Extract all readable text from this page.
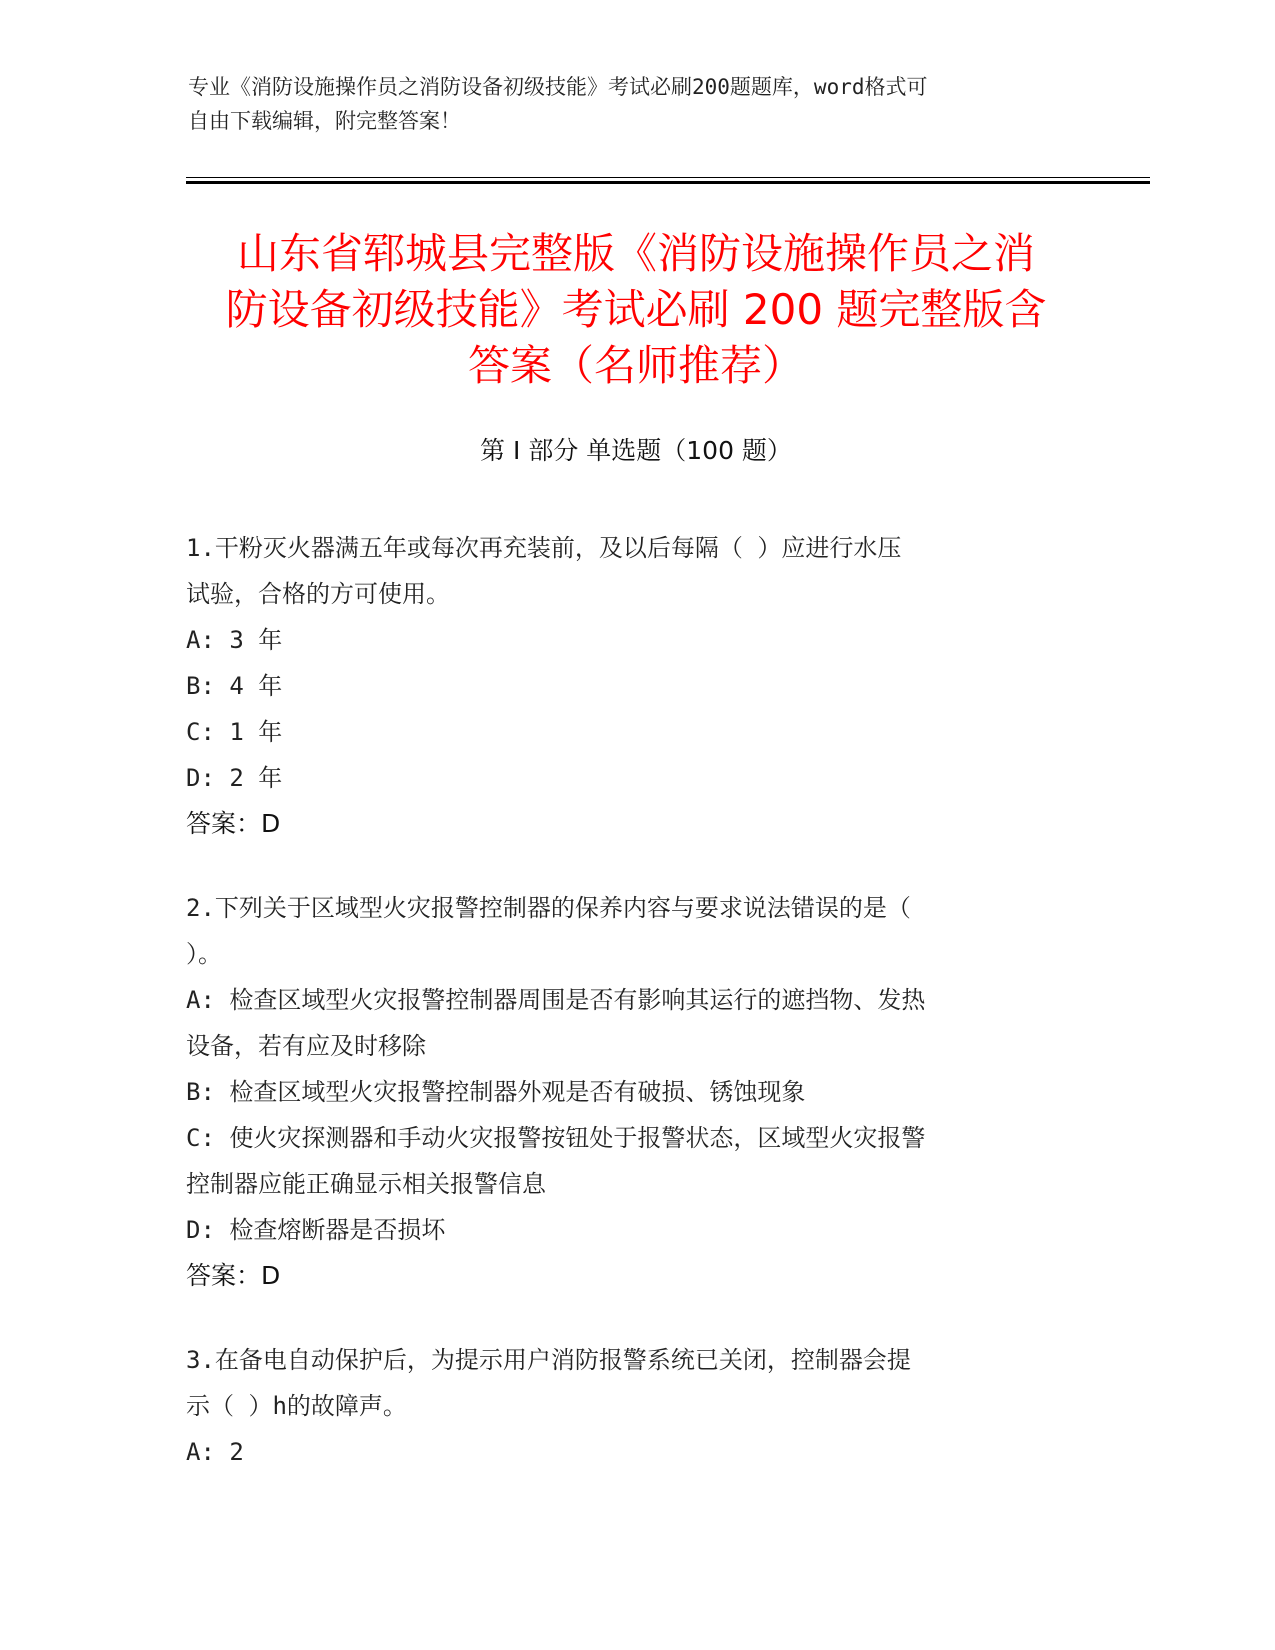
专业《消防设施操作员之消防设备初级技能》考试必刷200题题库，word格式可
自由下载编辑，附完整答案！
山东省郓城县完整版《消防设施操作员之消
防设备初级技能》考试必刷 200 题完整版含
答案（名师推荐）
第 I 部分 单选题（100 题）

1.干粉灭火器满五年或每次再充装前，及以后每隔（ ）应进行水压

试验，合格的方可使用。

A: 3 年

B: 4 年

C: 1 年

D: 2 年

答案：D

2.下列关于区域型火灾报警控制器的保养内容与要求说法错误的是（

）。

A: 检查区域型火灾报警控制器周围是否有影响其运行的遮挡物、发热

设备，若有应及时移除

B: 检查区域型火灾报警控制器外观是否有破损、锈蚀现象

C: 使火灾探测器和手动火灾报警按钮处于报警状态，区域型火灾报警

控制器应能正确显示相关报警信息

D: 检查熔断器是否损坏

答案：D

3.在备电自动保护后，为提示用户消防报警系统已关闭，控制器会提

示（ ）h的故障声。

A: 2
